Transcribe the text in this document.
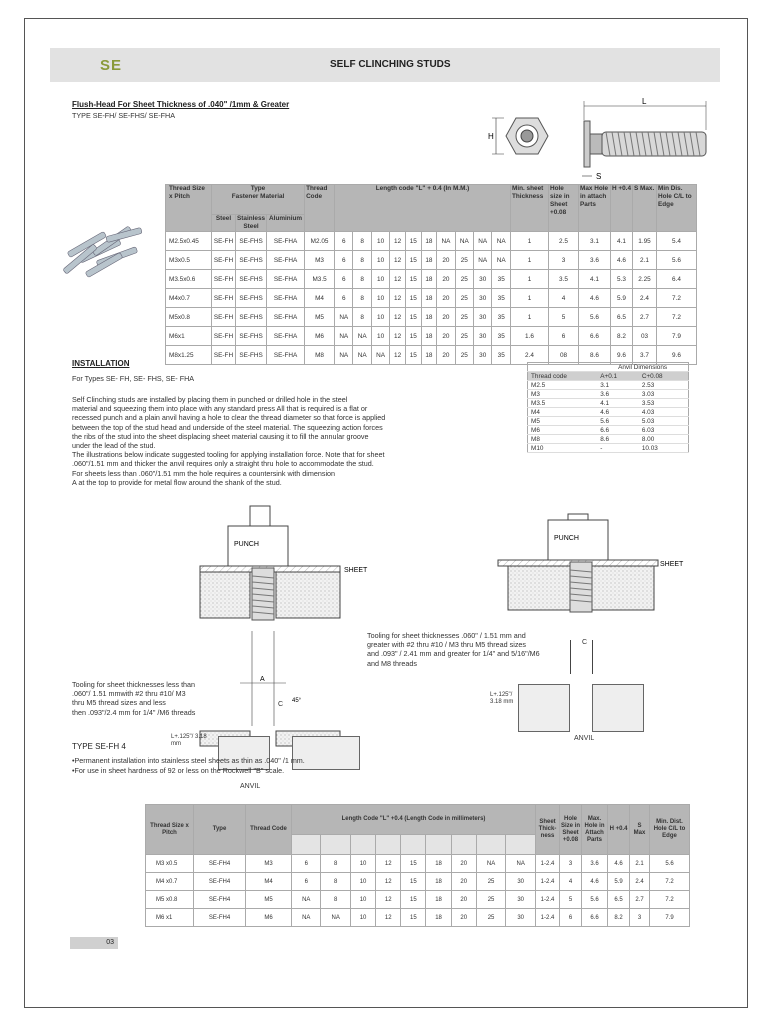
SE	SELF CLINCHING STUDS
Flush-Head For Sheet Thickness of .040" /1mm & Greater
TYPE SE-FH/ SE-FHS/ SE-FHA
H
L
S
Thread Size x Pitch	Type
Fastener Material			Thread Code	Length code "L" + 0.4 (In M.M.)										Min. sheet Thickness	Hole size in Sheet +0.08	Max Hole in attach Parts	H +0.4	S Max.	Min Dis. Hole C/L to Edge
	Steel	Stainless Steel	Aluminium																	
M2.5x0.45	SE-FH	SE-FHS	SE-FHA	M2.05	6	8	10	12	15	18	NA	NA	NA	NA	1	2.5	3.1	4.1	1.95	5.4
M3x0.5	SE-FH	SE-FHS	SE-FHA	M3	6	8	10	12	15	18	20	25	NA	NA	1	3	3.6	4.6	2.1	5.6
M3.5x0.6	SE-FH	SE-FHS	SE-FHA	M3.5	6	8	10	12	15	18	20	25	30	35	1	3.5	4.1	5.3	2.25	6.4
M4x0.7	SE-FH	SE-FHS	SE-FHA	M4	6	8	10	12	15	18	20	25	30	35	1	4	4.6	5.9	2.4	7.2
M5x0.8	SE-FH	SE-FHS	SE-FHA	M5	NA	8	10	12	15	18	20	25	30	35	1	5	5.6	6.5	2.7	7.2
M6x1	SE-FH	SE-FHS	SE-FHA	M6	NA	NA	10	12	15	18	20	25	30	35	1.6	6	6.6	8.2	03	7.9
M8x1.25	SE-FH	SE-FHS	SE-FHA	M8	NA	NA	NA	12	15	18	20	25	30	35	2.4	08	8.6	9.6	3.7	9.6
INSTALLATION
For Types SE- FH, SE- FHS, SE- FHA
Self Clinching studs are installed by placing them in punched or drilled hole in the steel
material and squeezing them into place with any standard press All that is required is a flat or
recessed punch and a plain anvil having a hole to clear the thread diameter so that force is applied
between the top of the stud head and underside of the steel material. The squeezing action forces
the ribs of the stud into the sheet displacing sheet material causing it to fill the annular groove
under the lead of the stud.
The illustrations below indicate suggested tooling for applying installation force. Note that for sheet
.060"/1.51 mm and thicker the anvil requires only a straight thru hole to accommodate the stud.
For sheets less than .060"/1.51 mm the hole requires a countersink with dimension
A at the top to provide for metal flow around the shank of the stud.
	Anvil Dimensions	
Thread code	A+0.1	C+0.08
M2.5	3.1	2.53
M3	3.6	3.03
M3.5	4.1	3.53
M4	4.6	4.03
M5	5.6	5.03
M6	6.6	6.03
M8	8.6	8.00
M10	-	10.03
PUNCH
SHEET
A
45°
L+.125"/ 3.18 mm
C
ANVIL
Tooling for sheet thicknesses less than
.060"/ 1.51 mmwith #2 thru #10/ M3
thru M5 thread sizes and less
then .093"/2.4 mm for 1/4" /M6 threads
PUNCH
SHEET
C
L+.125"/ 3.18 mm
ANVIL
Tooling for sheet thicknesses .060" / 1.51 mm and
greater with #2 thru #10 / M3 thru M5 thread sizes
and .093" / 2.41 mm and greater for 1/4" and 5/16"/M6
and M8 threads
TYPE SE-FH 4
•Permanent installation into stainless steel sheets as thin as .040" /1 mm.
•For use in sheet hardness of 92 or less on the Rockwell "B" scale.
Thread Size x Pitch	Type	Thread Code	Length Code "L" +0.4 (Length Code in millimeters)									Sheet Thick-ness	Hole Size in Sheet +0.08	Max. Hole in Attach Parts	H +0.4	S Max	Min. Dist. Hole C/L to Edge

M3 x0.5	SE-FH4	M3	6	8	10	12	15	18	20	NA	NA	1-2.4	3	3.6	4.6	2.1	5.6
M4 x0.7	SE-FH4	M4	6	8	10	12	15	18	20	25	30	1-2.4	4	4.6	5.9	2.4	7.2
M5 x0.8	SE-FH4	M5	NA	8	10	12	15	18	20	25	30	1-2.4	5	5.6	6.5	2.7	7.2
M6 x1	SE-FH4	M6	NA	NA	10	12	15	18	20	25	30	1-2.4	6	6.6	8.2	3	7.9
03
